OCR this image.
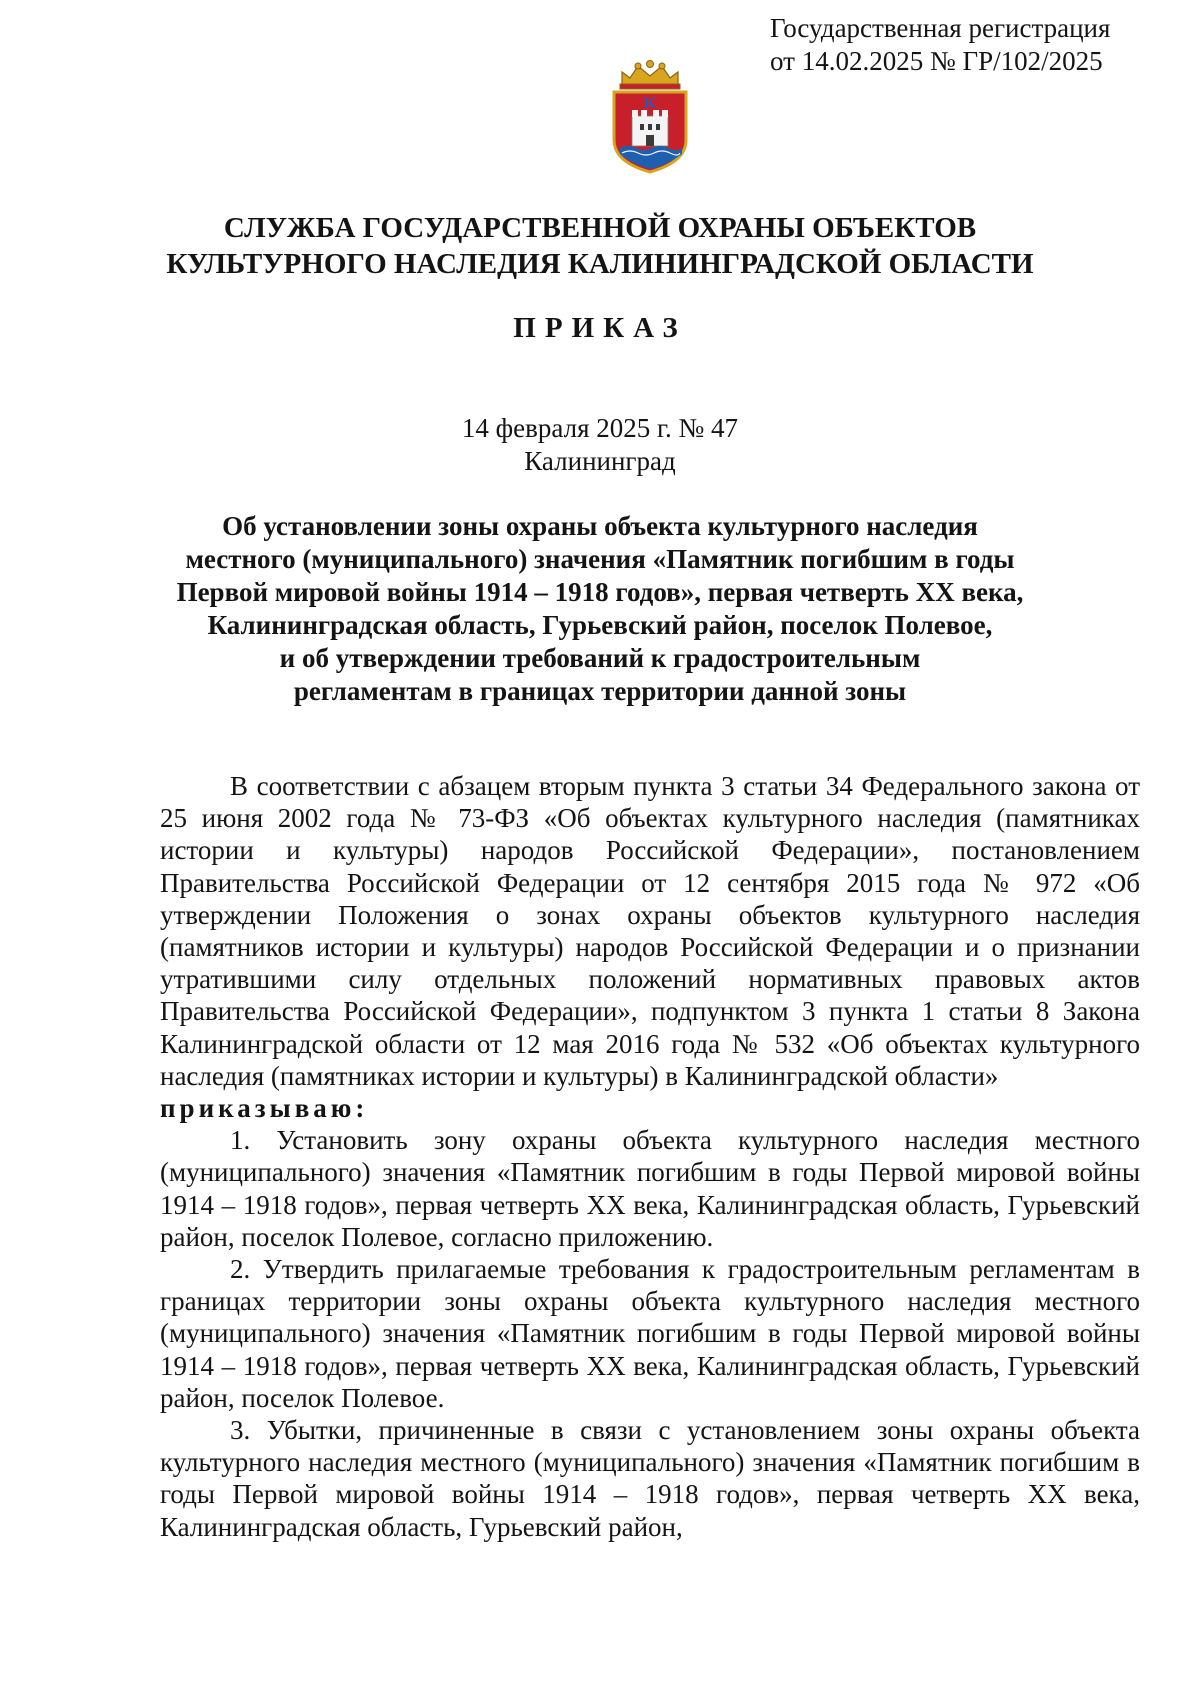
Государственная регистрация
от 14.02.2025 № ГР/102/2025
K
СЛУЖБА ГОСУДАРСТВЕННОЙ ОХРАНЫ ОБЪЕКТОВ
КУЛЬТУРНОГО НАСЛЕДИЯ КАЛИНИНГРАДСКОЙ ОБЛАСТИ
ПРИКАЗ
14 февраля 2025 г. № 47
Калининград
Об установлении зоны охраны объекта культурного наследия
местного (муниципального) значения «Памятник погибшим в годы
Первой мировой войны 1914 – 1918 годов», первая четверть XX века,
Калининградская область, Гурьевский район, поселок Полевое,
и об утверждении требований к градостроительным
регламентам в границах территории данной зоны

В соответствии с абзацем вторым пункта 3 статьи 34 Федерального закона от 25 июня 2002 года № 73-ФЗ «Об объектах культурного наследия (памятниках истории и культуры) народов Российской Федерации», постановлением Правительства Российской Федерации от 12 сентября 2015 года № 972 «Об утверждении Положения о зонах охраны объектов культурного наследия (памятников истории и культуры) народов Российской Федерации и о признании утратившими силу отдельных положений нормативных правовых актов Правительства Российской Федерации», подпунктом 3 пункта 1 статьи 8 Закона Калининградской области от 12 мая 2016 года № 532 «Об объектах культурного наследия (памятниках истории и культуры) в Калининградской области»
приказываю:

1. Установить зону охраны объекта культурного наследия местного (муниципального) значения «Памятник погибшим в годы Первой мировой войны 1914 – 1918 годов», первая четверть XX века, Калининградская область, Гурьевский район, поселок Полевое, согласно приложению.

2. Утвердить прилагаемые требования к градостроительным регламентам в границах территории зоны охраны объекта культурного наследия местного (муниципального) значения «Памятник погибшим в годы Первой мировой войны 1914 – 1918 годов», первая четверть XX века, Калининградская область, Гурьевский район, поселок Полевое.

3. Убытки, причиненные в связи с установлением зоны охраны объекта культурного наследия местного (муниципального) значения «Памятник погибшим в годы Первой мировой войны 1914 – 1918 годов», первая четверть XX века, Калининградская область, Гурьевский район,
